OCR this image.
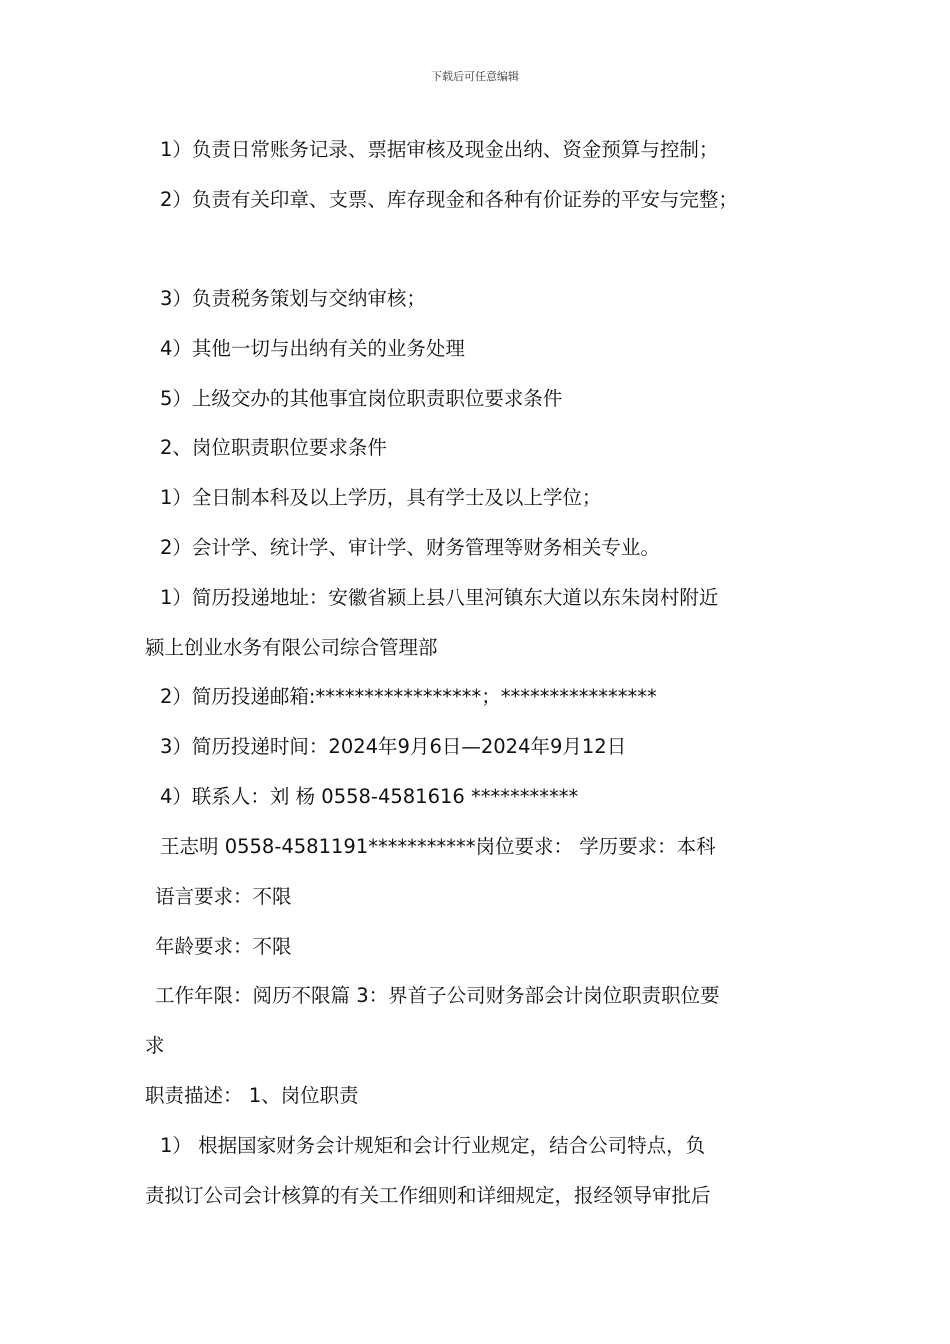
下载后可任意编辑
1）负责日常账务记录、票据审核及现金出纳、资金预算与控制；
2）负责有关印章、支票、库存现金和各种有价证券的平安与完整；
3）负责税务策划与交纳审核；
4）其他一切与出纳有关的业务处理
5）上级交办的其他事宜岗位职责职位要求条件
2、岗位职责职位要求条件
1）全日制本科及以上学历，具有学士及以上学位；
2）会计学、统计学、审计学、财务管理等财务相关专业。
1）简历投递地址：安徽省颍上县八里河镇东大道以东朱岗村附近
颍上创业水务有限公司综合管理部
2）简历投递邮箱:*****************；****************
3）简历投递时间：2024年9月6日—2024年9月12日
4）联系人：刘 杨 0558-4581616 ***********
王志明 0558-4581191***********岗位要求： 学历要求：本科
语言要求：不限
年龄要求：不限
工作年限：阅历不限篇 3：界首子公司财务部会计岗位职责职位要
求
职责描述： 1、岗位职责
1） 根据国家财务会计规矩和会计行业规定，结合公司特点，负
责拟订公司会计核算的有关工作细则和详细规定，报经领导审批后
